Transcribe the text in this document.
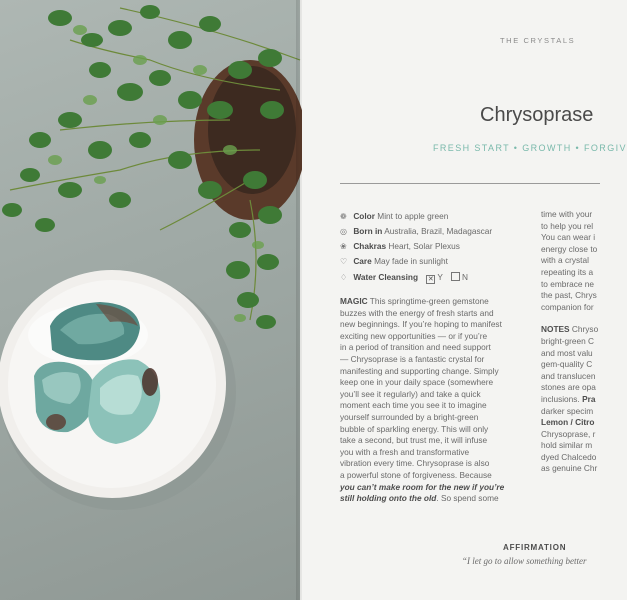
THE CRYSTALS
Chrysoprase
FRESH START • GROWTH • FORGIV
❁ Color Mint to apple green
◎ Born in Australia, Brazil, Madagascar
❀ Chakras Heart, Solar Plexus
♡ Care May fade in sunlight
♢ Water Cleansing ✕ Y N
MAGIC This springtime-green gemstone
buzzes with the energy of fresh starts and
new beginnings. If you’re hoping to manifest
exciting new opportunities — or if you’re
in a period of transition and need support
— Chrysoprase is a fantastic crystal for
manifesting and supporting change. Simply
keep one in your daily space (somewhere
you’ll see it regularly) and take a quick
moment each time you see it to imagine
yourself surrounded by a bright-green
bubble of sparkling energy. This will only
take a second, but trust me, it will infuse
you with a fresh and transformative
vibration every time. Chrysoprase is also
a powerful stone of forgiveness. Because
you can’t make room for the new if you’re
still holding onto the old. So spend some
time with your
to help you rel
You can wear i
energy close to
with a crystal
repeating its a
to embrace ne
the past, Chrys
companion for
NOTES Chryso
bright-green C
and most valu
gem-quality C
and translucen
stones are opa
inclusions. Pra
darker specim
Lemon / Citro
Chrysoprase, r
hold similar m
dyed Chalcedo
as genuine Chr
AFFIRMATION
“I let go to allow something better
